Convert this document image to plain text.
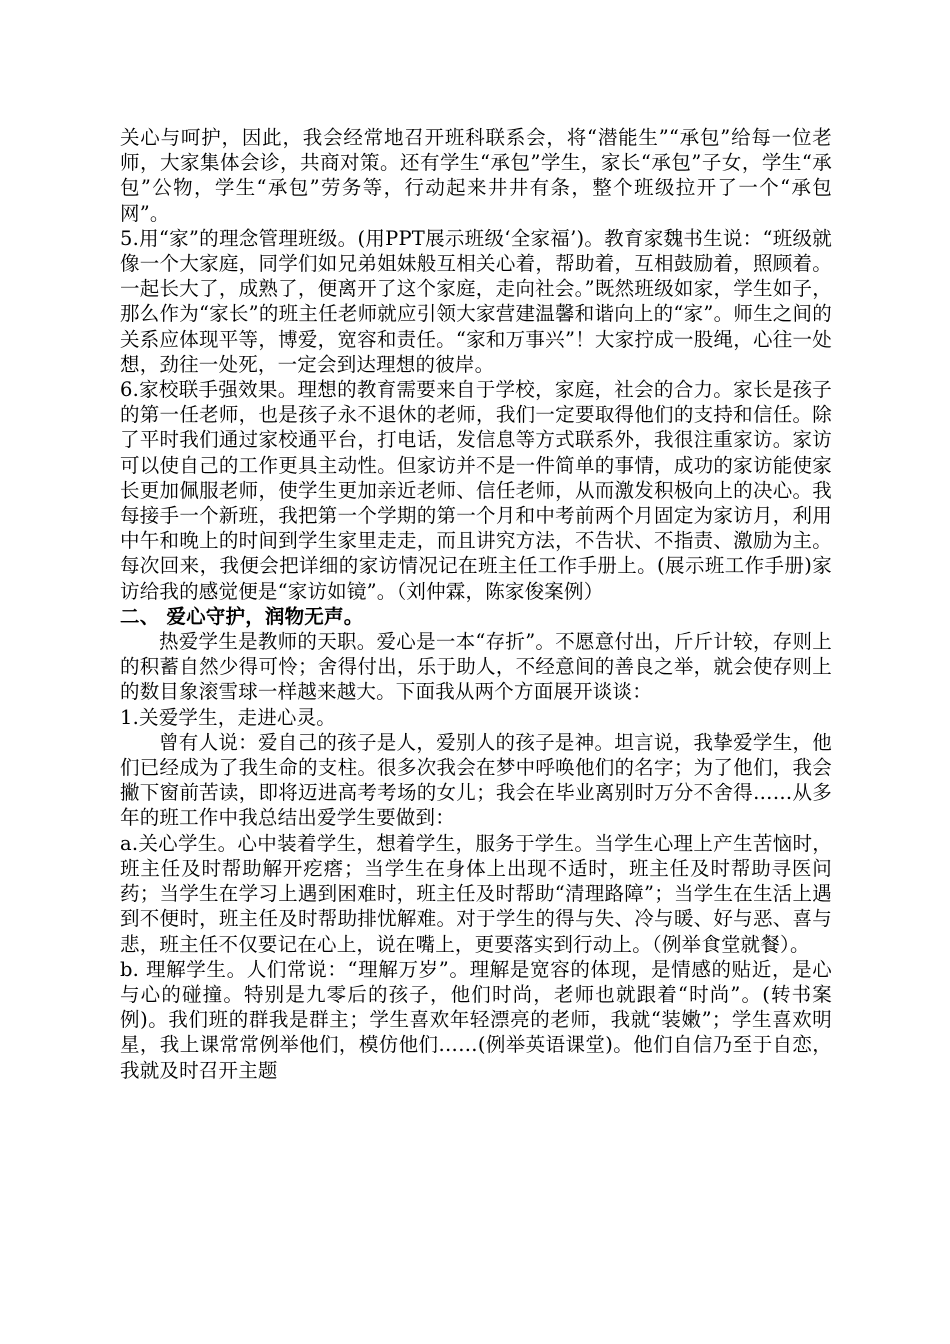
关心与呵护，因此，我会经常地召开班科联系会，将“潜能生”“承包”给每一位老师，大家集体会诊，共商对策。还有学生“承包”学生，家长“承包”子女，学生“承包”公物，学生“承包”劳务等，行动起来井井有条，整个班级拉开了一个“承包网”。

5.用“家”的理念管理班级。(用PPT展示班级‘全家福’)。教育家魏书生说：“班级就像一个大家庭，同学们如兄弟姐妹般互相关心着，帮助着，互相鼓励着，照顾着。一起长大了，成熟了，便离开了这个家庭，走向社会。”既然班级如家，学生如子，那么作为“家长”的班主任老师就应引领大家营建温馨和谐向上的“家”。师生之间的关系应体现平等，博爱，宽容和责任。“家和万事兴”！大家拧成一股绳，心往一处想，劲往一处死，一定会到达理想的彼岸。

6.家校联手强效果。理想的教育需要来自于学校，家庭，社会的合力。家长是孩子的第一任老师，也是孩子永不退休的老师，我们一定要取得他们的支持和信任。除了平时我们通过家校通平台，打电话，发信息等方式联系外，我很注重家访。家访可以使自己的工作更具主动性。但家访并不是一件简单的事情，成功的家访能使家长更加佩服老师，使学生更加亲近老师、信任老师，从而激发积极向上的决心。我每接手一个新班，我把第一个学期的第一个月和中考前两个月固定为家访月，利用中午和晚上的时间到学生家里走走，而且讲究方法，不告状、不指责、激励为主。每次回来，我便会把详细的家访情况记在班主任工作手册上。(展示班工作手册)家访给我的感觉便是“家访如镜”。（刘仲霖，陈家俊案例）

二、 爱心守护，润物无声。

热爱学生是教师的天职。爱心是一本“存折”。不愿意付出，斤斤计较，存则上的积蓄自然少得可怜；舍得付出，乐于助人，不经意间的善良之举，就会使存则上的数目象滚雪球一样越来越大。下面我从两个方面展开谈谈：

1.关爱学生，走进心灵。

曾有人说：爱自己的孩子是人，爱别人的孩子是神。坦言说，我挚爱学生，他们已经成为了我生命的支柱。很多次我会在梦中呼唤他们的名字；为了他们，我会撇下窗前苦读，即将迈进高考考场的女儿；我会在毕业离别时万分不舍得……从多年的班工作中我总结出爱学生要做到：

a.关心学生。心中装着学生，想着学生，服务于学生。当学生心理上产生苦恼时，班主任及时帮助解开疙瘩；当学生在身体上出现不适时，班主任及时帮助寻医问药；当学生在学习上遇到困难时，班主任及时帮助“清理路障”；当学生在生活上遇到不便时，班主任及时帮助排忧解难。对于学生的得与失、冷与暖、好与恶、喜与悲，班主任不仅要记在心上，说在嘴上，更要落实到行动上。（例举食堂就餐）。

b. 理解学生。人们常说：“理解万岁”。理解是宽容的体现，是情感的贴近，是心与心的碰撞。特别是九零后的孩子，他们时尚，老师也就跟着“时尚”。(转书案例)。我们班的群我是群主；学生喜欢年轻漂亮的老师，我就“装嫩”；学生喜欢明星，我上课常常例举他们，模仿他们……(例举英语课堂)。他们自信乃至于自恋，我就及时召开主题
